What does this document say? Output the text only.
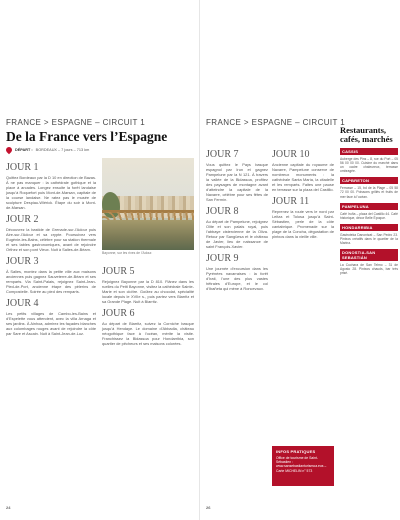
FRANCE > ESPAGNE – CIRCUIT 1
De la France vers l’Espagne
DÉPART : BORDEAUX – 7 jours – 713 km
JOUR 1
Quittez Bordeaux par la D 10 en direction de Bazas. À ne pas manquer : la cathédrale gothique et la place à arcades. Longez ensuite la forêt landaise jusqu’à Roquefort puis Mont-de-Marsan, capitale de la course landaise. Ne ratez pas le musée de sculpture Despiau-Wlérick. Étape du soir à Mont-de-Marsan.
JOUR 2
Découvrez la bastide de Grenade-sur-l’Adour puis Aire-sur-l’Adour et sa crypte. Poursuivez vers Eugénie-les-Bains, célèbre pour sa station thermale et ses tables gastronomiques, avant de rejoindre Orthez et son pont Vieux. Nuit à Salies-de-Béarn.
JOUR 3
À Salies, montez dans la petite ville aux maisons anciennes puis gagnez Sauveterre-de-Béarn et ses remparts. Via Saint-Palais, rejoignez Saint-Jean-Pied-de-Port, ancienne étape des pèlerins de Compostelle. Soirée au pied des remparts.
JOUR 4
Les petits villages de Cambo-les-Bains et d’Espelette vous attendent, avec la villa Arnaga et ses jardins. À Ainhoa, admirez les façades blanches aux colombages rouges avant de rejoindre la côte par Sare et Ascain. Nuit à Saint-Jean-de-Luz.
Bayonne, sur les rives de l’Adour.
JOUR 5
Rejoignez Bayonne par la D 810. Flânez dans les ruelles du Petit Bayonne, visitez la cathédrale Sainte-Marie et son cloître. Goûtez au chocolat, spécialité locale depuis le XVIIe s., puis partez vers Biarritz et sa Grande Plage. Nuit à Biarritz.
JOUR 6
Au départ de Biarritz, suivez la Corniche basque jusqu’à Hendaye. Le domaine d’Abbadia, château néogothique face à l’océan, mérite la visite. Franchissez la Bidassoa pour Hondarribia, son quartier de pêcheurs et ses maisons colorées.
24
FRANCE > ESPAGNE – CIRCUIT 1
JOUR 7
Vous quittez le Pays basque espagnol par Irun et gagnez Pampelune par la N 121. À travers la vallée de la Bidassoa, profitez des paysages de montagne avant d’atteindre la capitale de la Navarre, célèbre pour ses fêtes de San Fermín.
JOUR 8
Au départ de Pampelune, rejoignez Olite et son palais royal, puis l’abbaye cistercienne de la Oliva. Retour par Sangüesa et le château de Javier, lieu de naissance de saint François-Xavier.
JOUR 9
Une journée d’excursion dans les Pyrénées navarraises : la forêt d’Irati, l’une des plus vastes hêtraies d’Europe, et le col d’Ibañeta qui mène à Roncevaux.
JOUR 10
Ancienne capitale du royaume de Navarre, Pampelune conserve de nombreux monuments : la cathédrale Santa María, la citadelle et les remparts. Faites une pause en terrasse sur la plaza del Castillo.
JOUR 11
Reprenez la route vers le nord par Leitza et Tolosa jusqu’à Saint-Sébastien, perle de la côte cantabrique. Promenade sur la plage de la Concha, dégustation de pintxos dans la vieille ville.
INFOS PRATIQUES
Office de tourisme de Saint-Sébastien : www.sansebastianturismoa.eus – Carte MICHELIN n° 573
Restaurants, cafés, marchés
CASSIS
Auberge des Pins – 8, rue du Port – 05 56 00 00 00. Cuisine du marché dans un cadre chaleureux, terrasse ombragée.
CAPBRETON
Ferrasse – 15, bd de la Plage – 05 58 72 00 00. Poissons grillés et fruits de mer face à l’océan.
PAMPELUNA
Café Iruña – plaza del Castillo 44. Café historique, décor Belle Époque.
HONDARRIBIA
Gastroteka Danontzat – San Pedro 23. Pintxos créatifs dans le quartier de la Marina.
DONOSTIA-SAN SEBASTIÁN
La Cuchara de San Telmo – 31 de Agosto 28. Pintxos chauds, bar très prisé.
26
